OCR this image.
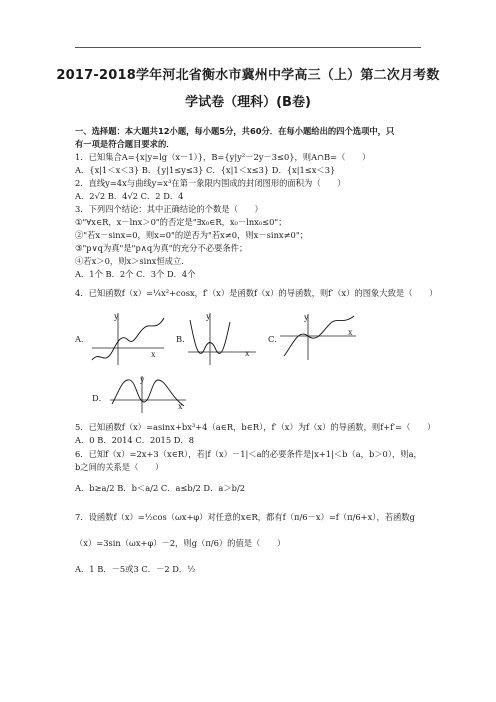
2017-2018学年河北省衡水市冀州中学高三（上）第二次月考数
学试卷（理科）(B卷)
一、选择题：本大题共12小题，每小题5分，共60分．在每小题给出的四个选项中，只
有一项是符合题目要求的．
1．已知集合A={x|y=lg（x－1）}，B={y|y²－2y－3≤0}，则A∩B=（　　）
A．{x|1＜x＜3} B．{y|1≤y≤3} C．{x|1＜x≤3} D．{x|1≤x＜3}
2．直线y=4x与曲线y=x³在第一象限内围成的封闭图形的面积为（　　）
A．2√2 B．4√2 C．2 D．4
3．下列四个结论：其中正确结论的个数是（　　）
①"∀x∈R，x－lnx＞0"的否定是"∃x₀∈R，x₀－lnx₀≤0"；
②"若x－sinx=0，则x=0"的逆否为"若x≠0，则x－sinx≠0"；
③"p∨q为真"是"p∧q为真"的充分不必要条件；
④若x＞0，则x＞sinx恒成立．
A．1个 B．2个 C．3个 D．4个
4．已知函数f（x）=¼x²+cosx，f′（x）是函数f（x）的导函数，则f′（x）的图象大致是（　　）
A．
y
x
B．
y
x
C．
y
x
D．
y
x
5．已知函数f（x）=asinx+bx³+4（a∈R，b∈R），f′（x）为f（x）的导函数，则f+f′=（　　）
A．0 B．2014 C．2015 D．8
6．已知f（x）=2x+3（x∈R），若|f（x）－1|＜a的必要条件是|x+1|＜b（a，b＞0），则a，
b之间的关系是（　　）
A．b≥a/2 B．b＜a/2 C．a≤b/2 D．a＞b/2
7．设函数f（x）=½cos（ωx+φ）对任意的x∈R，都有f（π/6－x）=f（π/6+x），若函数g
（x）=3sin（ωx+φ）－2，则g（π/6）的值是（　　）
A．1 B．－5或3 C．－2 D．½
